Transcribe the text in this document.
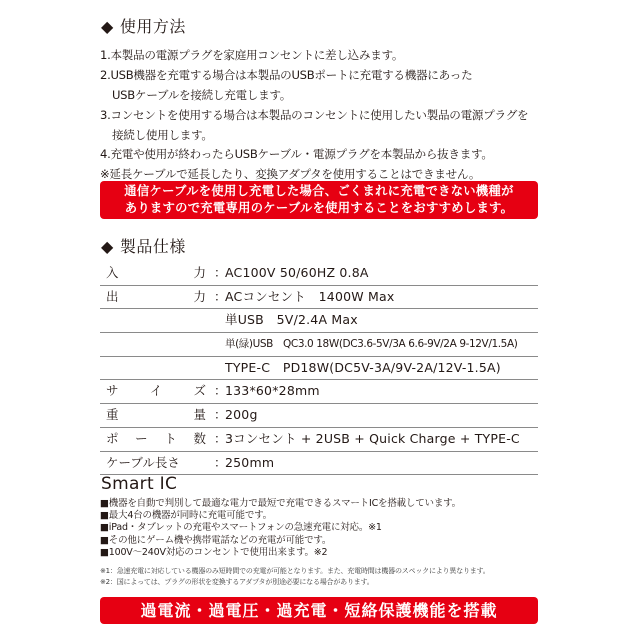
◆ 使用方法
1.本製品の電源プラグを家庭用コンセントに差し込みます。
2.USB機器を充電する場合は本製品のUSBポートに充電する機器にあった
USBケーブルを接続し充電します。
3.コンセントを使用する場合は本製品のコンセントに使用したい製品の電源プラグを
接続し使用します。
4.充電や使用が終わったらUSBケーブル・電源プラグを本製品から抜きます。
※延長ケーブルで延長したり、変換アダプタを使用することはできません。
通信ケーブルを使用し充電した場合、ごくまれに充電できない機種が
ありますので充電専用のケーブルを使用することをおすすめします。
◆ 製品仕様
入	力 ：
AC100V 50/60HZ 0.8A
出	力 ：
ACコンセント　1400W Max
単USB　5V/2.4A Max
単(緑)USB　QC3.0 18W(DC3.6-5V/3A 6.6-9V/2A 9-12V/1.5A)
TYPE-C　PD18W(DC5V-3A/9V-2A/12V-1.5A)
サ イ ズ ：
133*60*28mm
重	量 ：
200g
ポ ー ト 数 ：
3コンセント + 2USB + Quick Charge + TYPE-C
ケーブル長さ	：
250mm
Smart IC
■機器を自動で判別して最適な電力で最短で充電できるスマートICを搭載しています。
■最大4台の機器が同時に充電可能です。
■iPad・タブレットの充電やスマートフォンの急速充電に対応。※1
■その他にゲーム機や携帯電話などの充電が可能です。
■100V〜240V対応のコンセントで使用出来ます。※2
※1：急速充電に対応している機器のみ短時間での充電が可能となります。また、充電時間は機器のスペックにより異なります。
※2：国によっては、プラグの形状を変換するアダプタが別途必要になる場合があります。
過電流・過電圧・過充電・短絡保護機能を搭載
